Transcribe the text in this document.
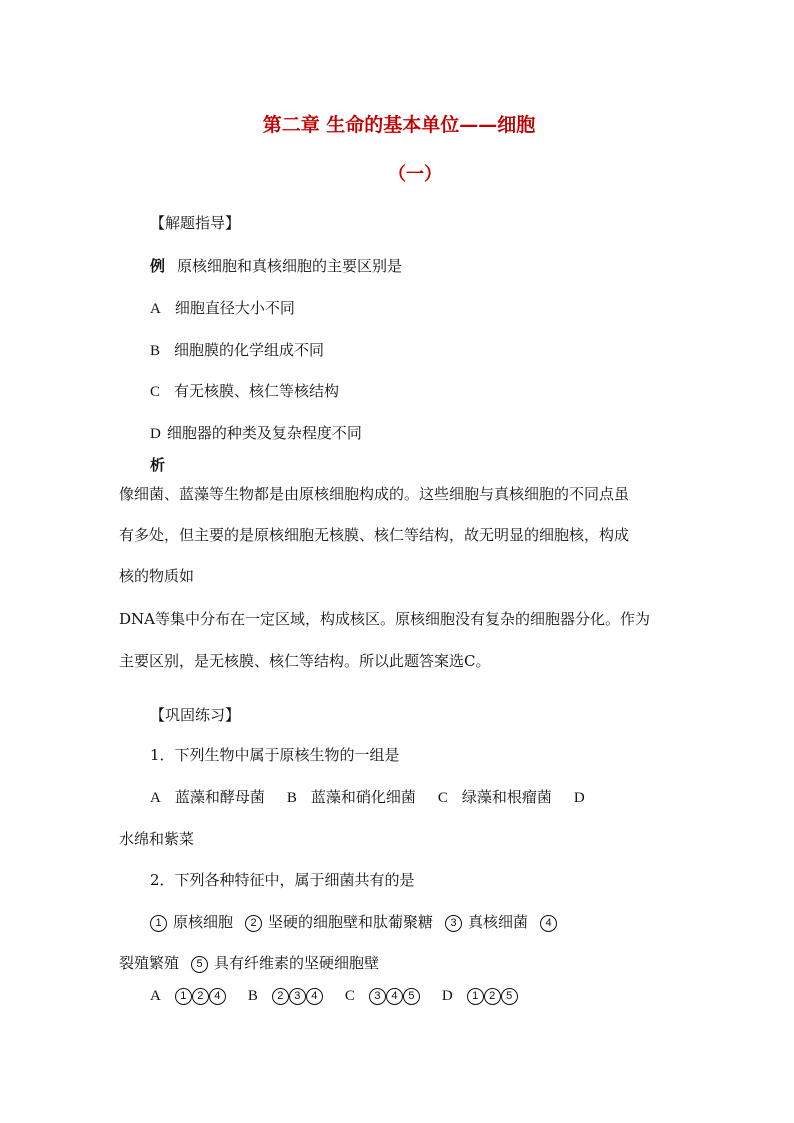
第二章 生命的基本单位——细胞
（一）
【解题指导】
例 原核细胞和真核细胞的主要区别是
A 细胞直径大小不同
B 细胞膜的化学组成不同
C 有无核膜、核仁等核结构
D 细胞器的种类及复杂程度不同
析
像细菌、蓝藻等生物都是由原核细胞构成的。这些细胞与真核细胞的不同点虽
有多处，但主要的是原核细胞无核膜、核仁等结构，故无明显的细胞核，构成
核的物质如
DNA等集中分布在一定区域，构成核区。原核细胞没有复杂的细胞器分化。作为
主要区别，是无核膜、核仁等结构。所以此题答案选C。
【巩固练习】
1．下列生物中属于原核生物的一组是
A 蓝藻和酵母菌 B 蓝藻和硝化细菌 C 绿藻和根瘤菌 D
水绵和紫菜
2．下列各种特征中，属于细菌共有的是
1 原核细胞 2 坚硬的细胞壁和肽葡聚糖 3 真核细菌 4
裂殖繁殖 5 具有纤维素的坚硬细胞壁
A 1 2 4 B 2 3 4 C 3 4 5 D 1 2 5
